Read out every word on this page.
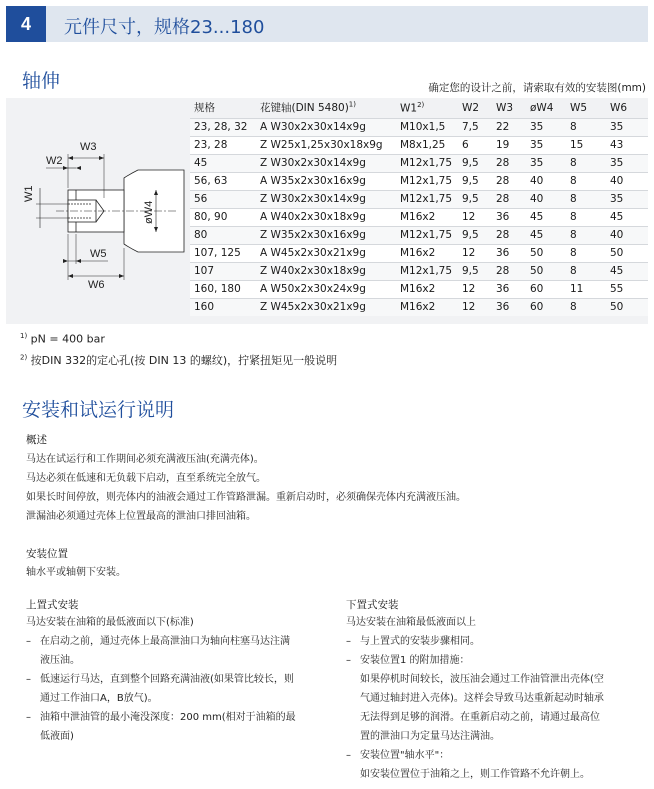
4	元件尺寸，规格23...180
轴伸	确定您的设计之前，请索取有效的安装图(mm)
W3
W2
W1
øW4
W5
W6
规格	花键轴(DIN 5480)$^{1)}$	W1$^{2)}$	W2	W3	øW4	W5	W6
23, 28, 32	A W30x2x30x14x9g	M10x1,5	7,5	22	35	8	35
23, 28	Z W25x1,25x30x18x9g	M8x1,25	6	19	35	15	43
45	Z W30x2x30x14x9g	M12x1,75	9,5	28	35	8	35
56, 63	A W35x2x30x16x9g	M12x1,75	9,5	28	40	8	40
56	Z W30x2x30x14x9g	M12x1,75	9,5	28	40	8	35
80, 90	A W40x2x30x18x9g	M16x2	12	36	45	8	45
80	Z W35x2x30x16x9g	M12x1,75	9,5	28	45	8	40
107, 125	A W45x2x30x21x9g	M16x2	12	36	50	8	50
107	Z W40x2x30x18x9g	M12x1,75	9,5	28	50	8	45
160, 180	A W50x2x30x24x9g	M16x2	12	36	60	11	55
160	Z W45x2x30x21x9g	M16x2	12	36	60	8	50
$^{1)}$ pN = 400 bar
$^{2)}$ 按DIN 332的定心孔(按 DIN 13 的螺纹)，拧紧扭矩见一般说明
安装和试运行说明
概述
马达在试运行和工作期间必须充满液压油(充满壳体)。
马达必须在低速和无负载下启动，直至系统完全放气。
如果长时间停放，则壳体内的油液会通过工作管路泄漏。重新启动时，必须确保壳体内充满液压油。
泄漏油必须通过壳体上位置最高的泄油口排回油箱。
安装位置
轴水平或轴朝下安装。
上置式安装
马达安装在油箱的最低液面以下(标准)
– 在启动之前，通过壳体上最高泄油口为轴向柱塞马达注满
液压油。
– 低速运行马达，直到整个回路充满油液(如果管比较长，则
通过工作油口A，B放气)。
– 油箱中泄油管的最小淹没深度：200 mm(相对于油箱的最
低液面)
下置式安装
马达安装在油箱最低液面以上
– 与上置式的安装步骤相同。
– 安装位置1 的附加措施：
如果停机时间较长，波压油会通过工作油管泄出壳体(空
气通过轴封进入壳体)。这样会导致马达重新起动时轴承
无法得到足够的润滑。在重新启动之前，请通过最高位
置的泄油口为定量马达注满油。
– 安装位置"轴水平"：
如安装位置位于油箱之上，则工作管路不允许朝上。
